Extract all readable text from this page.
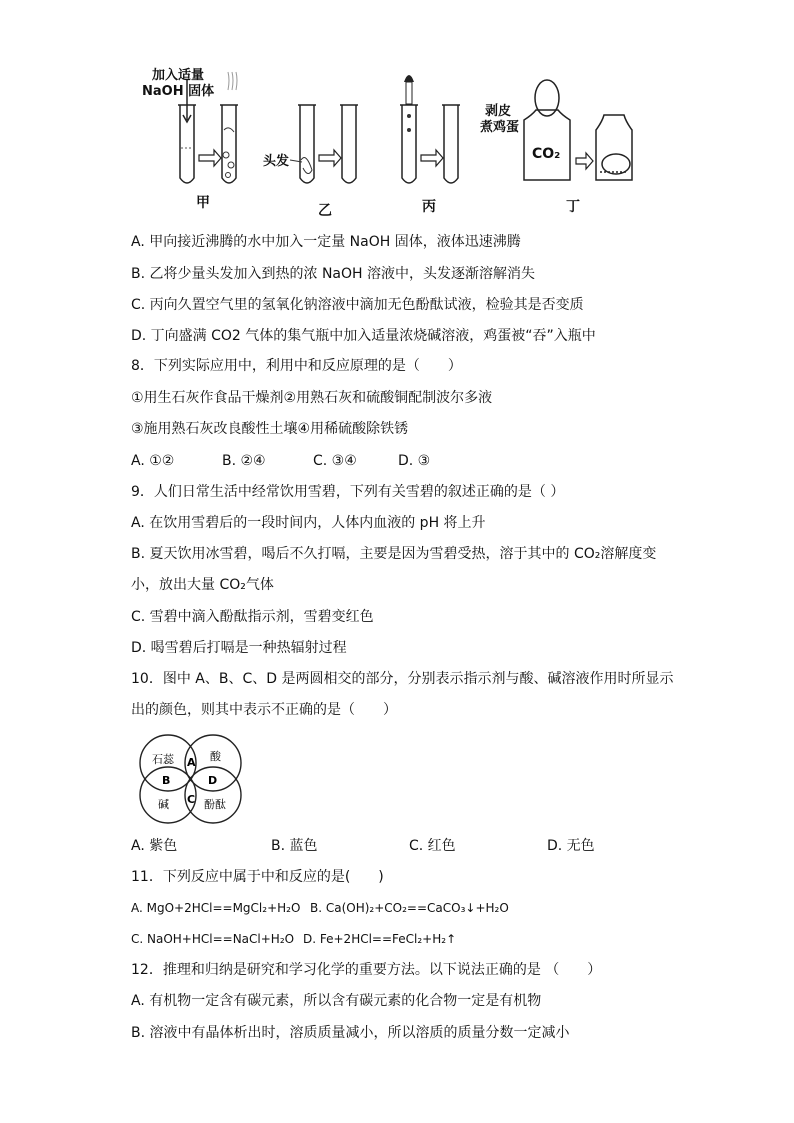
加入适量
NaOH 固体
头发
剥皮
煮鸡蛋
CO₂
甲	乙	丙	丁
A. 甲向接近沸腾的水中加入一定量 NaOH 固体，液体迅速沸腾
B. 乙将少量头发加入到热的浓 NaOH 溶液中，头发逐渐溶解消失
C. 丙向久置空气里的氢氧化钠溶液中滴加无色酚酞试液，检验其是否变质
D. 丁向盛满 CO2 气体的集气瓶中加入适量浓烧碱溶液，鸡蛋被“吞”入瓶中
8．下列实际应用中，利用中和反应原理的是（　　）
①用生石灰作食品干燥剂②用熟石灰和硫酸铜配制波尔多液
③施用熟石灰改良酸性土壤④用稀硫酸除铁锈
A. ①②	B. ②④	C. ③④	D. ③
9．人们日常生活中经常饮用雪碧，下列有关雪碧的叙述正确的是（ ）
A. 在饮用雪碧后的一段时间内，人体内血液的 pH 将上升
B. 夏天饮用冰雪碧，喝后不久打嗝，主要是因为雪碧受热，溶于其中的 CO₂溶解度变
小，放出大量 CO₂气体
C. 雪碧中滴入酚酞指示剂，雪碧变红色
D. 喝雪碧后打嗝是一种热辐射过程
10．图中 A、B、C、D 是两圆相交的部分，分别表示指示剂与酸、碱溶液作用时所显示
出的颜色，则其中表示不正确的是（　　）
石蕊	酸
碱	酚酞
A
B
C
D
A. 紫色	B. 蓝色	C. 红色	D. 无色
11．下列反应中属于中和反应的是(　　)
A. MgO+2HCl==MgCl₂+H₂O B. Ca(OH)₂+CO₂==CaCO₃↓+H₂O
C. NaOH+HCl==NaCl+H₂O D. Fe+2HCl==FeCl₂+H₂↑
12．推理和归纳是研究和学习化学的重要方法。以下说法正确的是 （　　）
A. 有机物一定含有碳元素，所以含有碳元素的化合物一定是有机物
B. 溶液中有晶体析出时，溶质质量减小，所以溶质的质量分数一定减小
